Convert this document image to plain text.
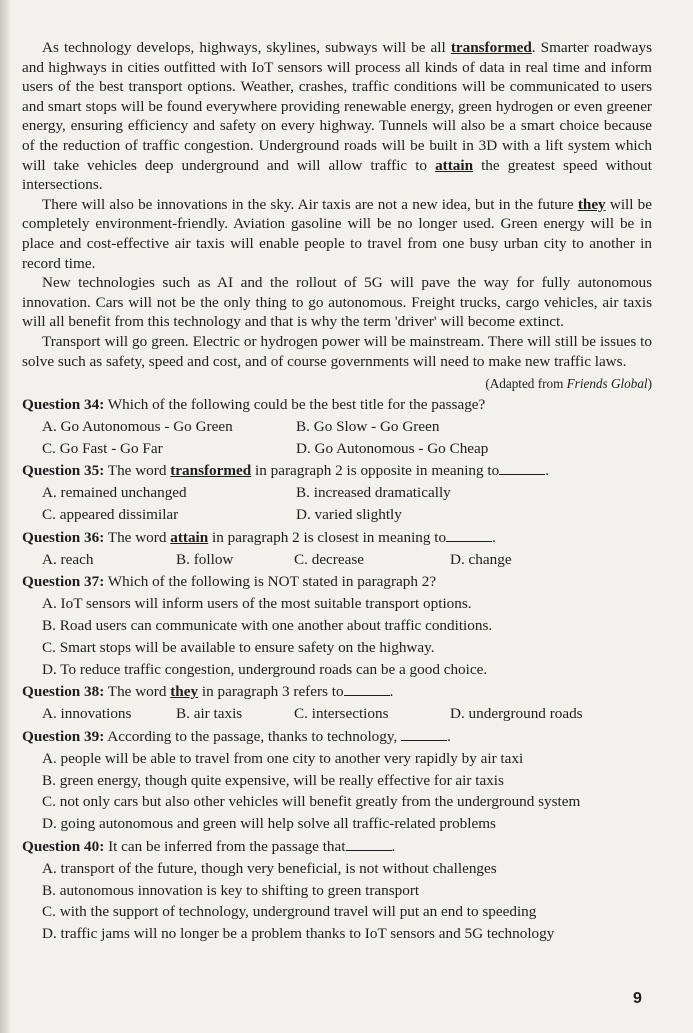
As technology develops, highways, skylines, subways will be all transformed. Smarter roadways and highways in cities outfitted with IoT sensors will process all kinds of data in real time and inform users of the best transport options. Weather, crashes, traffic conditions will be communicated to users and smart stops will be found everywhere providing renewable energy, green hydrogen or even greener energy, ensuring efficiency and safety on every highway. Tunnels will also be a smart choice because of the reduction of traffic congestion. Underground roads will be built in 3D with a lift system which will take vehicles deep underground and will allow traffic to attain the greatest speed without intersections.

There will also be innovations in the sky. Air taxis are not a new idea, but in the future they will be completely environment-friendly. Aviation gasoline will be no longer used. Green energy will be in place and cost-effective air taxis will enable people to travel from one busy urban city to another in record time.

New technologies such as AI and the rollout of 5G will pave the way for fully autonomous innovation. Cars will not be the only thing to go autonomous. Freight trucks, cargo vehicles, air taxis will all benefit from this technology and that is why the term 'driver' will become extinct.

Transport will go green. Electric or hydrogen power will be mainstream. There will still be issues to solve such as safety, speed and cost, and of course governments will need to make new traffic laws.

(Adapted from Friends Global)

Question 34: Which of the following could be the best title for the passage?

A. Go Autonomous - Go Green	B. Go Slow - Go Green
C. Go Fast - Go Far	D. Go Autonomous - Go Cheap

Question 35: The word transformed in paragraph 2 is opposite in meaning to	.

A. remained unchanged	B. increased dramatically
C. appeared dissimilar	D. varied slightly

Question 36: The word attain in paragraph 2 is closest in meaning to	.

A. reach	B. follow	C. decrease	D. change

Question 37: Which of the following is NOT stated in paragraph 2?

A. IoT sensors will inform users of the most suitable transport options.
B. Road users can communicate with one another about traffic conditions.
C. Smart stops will be available to ensure safety on the highway.
D. To reduce traffic congestion, underground roads can be a good choice.

Question 38: The word they in paragraph 3 refers to	.

A. innovations	B. air taxis	C. intersections	D. underground roads

Question 39: According to the passage, thanks to technology,	.

A. people will be able to travel from one city to another very rapidly by air taxi
B. green energy, though quite expensive, will be really effective for air taxis
C. not only cars but also other vehicles will benefit greatly from the underground system
D. going autonomous and green will help solve all traffic-related problems

Question 40: It can be inferred from the passage that	.

A. transport of the future, though very beneficial, is not without challenges
B. autonomous innovation is key to shifting to green transport
C. with the support of technology, underground travel will put an end to speeding
D. traffic jams will no longer be a problem thanks to IoT sensors and 5G technology
9
